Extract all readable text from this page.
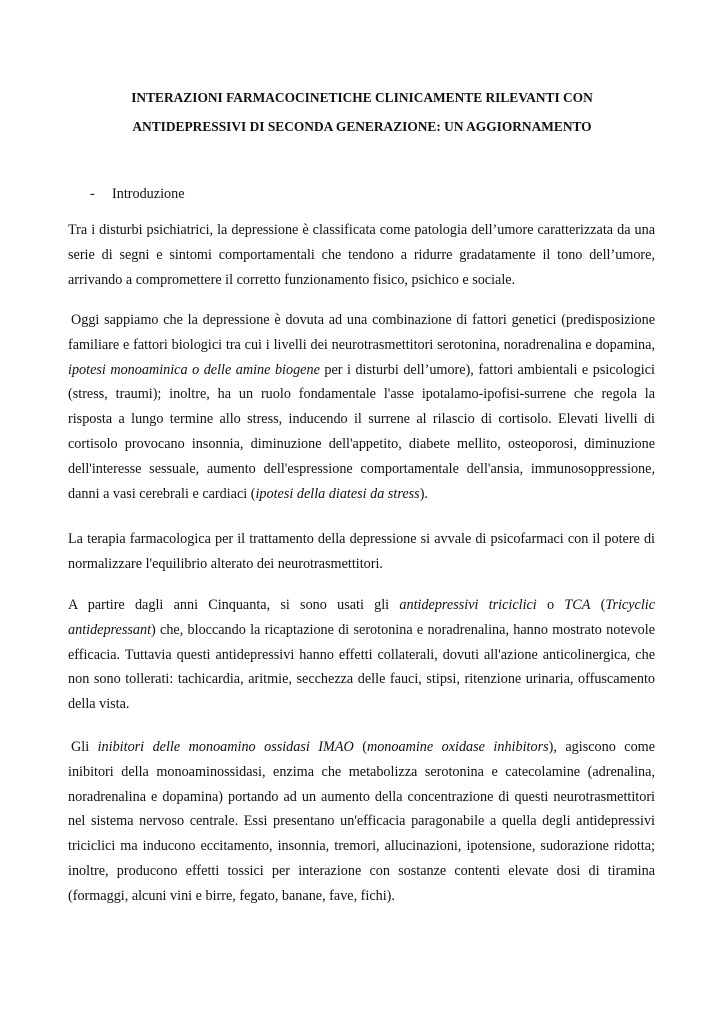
INTERAZIONI FARMACOCINETICHE CLINICAMENTE RILEVANTI CON

ANTIDEPRESSIVI DI SECONDA GENERAZIONE: UN AGGIORNAMENTO

- Introduzione

Tra i disturbi psichiatrici, la depressione è classificata come patologia dell’umore caratterizzata da una serie di segni e sintomi comportamentali che tendono a ridurre gradatamente il tono dell’umore, arrivando a compromettere il corretto funzionamento fisico, psichico e sociale.

Oggi sappiamo che la depressione è dovuta ad una combinazione di fattori genetici (predisposizione familiare e fattori biologici tra cui i livelli dei neurotrasmettitori serotonina, noradrenalina e dopamina, ipotesi monoaminica o delle amine biogene per i disturbi dell’umore), fattori ambientali e psicologici (stress, traumi); inoltre, ha un ruolo fondamentale l'asse ipotalamo-ipofisi-surrene che regola la risposta a lungo termine allo stress, inducendo il surrene al rilascio di cortisolo. Elevati livelli di cortisolo provocano insonnia, diminuzione dell'appetito, diabete mellito, osteoporosi, diminuzione dell'interesse sessuale, aumento dell'espressione comportamentale dell'ansia, immunosoppressione, danni a vasi cerebrali e cardiaci (ipotesi della diatesi da stress).

La terapia farmacologica per il trattamento della depressione si avvale di psicofarmaci con il potere di normalizzare l'equilibrio alterato dei neurotrasmettitori.

A partire dagli anni Cinquanta, si sono usati gli antidepressivi triciclici o TCA (Tricyclic antidepressant) che, bloccando la ricaptazione di serotonina e noradrenalina, hanno mostrato notevole efficacia. Tuttavia questi antidepressivi hanno effetti collaterali, dovuti all'azione anticolinergica, che non sono tollerati: tachicardia, aritmie, secchezza delle fauci, stipsi, ritenzione urinaria, offuscamento della vista.

Gli inibitori delle monoamino ossidasi IMAO (monoamine oxidase inhibitors), agiscono come inibitori della monoaminossidasi, enzima che metabolizza serotonina e catecolamine (adrenalina, noradrenalina e dopamina) portando ad un aumento della concentrazione di questi neurotrasmettitori nel sistema nervoso centrale. Essi presentano un'efficacia paragonabile a quella degli antidepressivi triciclici ma inducono eccitamento, insonnia, tremori, allucinazioni, ipotensione, sudorazione ridotta; inoltre, producono effetti tossici per interazione con sostanze contenti elevate dosi di tiramina (formaggi, alcuni vini e birre, fegato, banane, fave, fichi).
